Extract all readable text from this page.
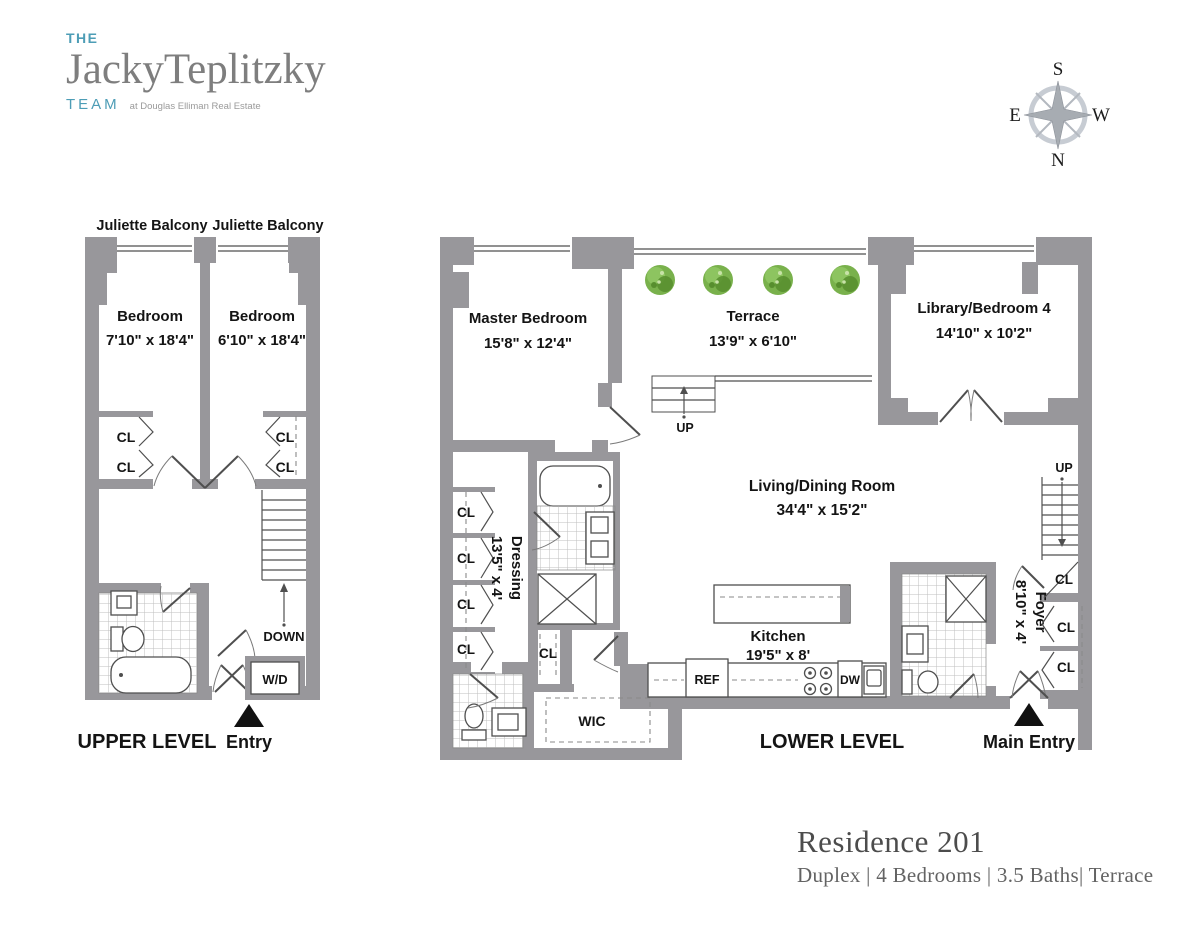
THE
Jacky Teplitzky
TEAM at Douglas Elliman Real Estate
S
E	W
N
DOWN
W/D
Juliette Balcony Juliette Balcony
Bedroom
7'10" x 18'4"
Bedroom
6'10" x 18'4"
CL
CL
CL
CL
UPPER LEVEL Entry
UP
CL
CL
CL
CL
Dressing
13'5" x 4'
CL
WIC
REF	DW
Kitchen
19'5" x 8'
Foyer
8'10" x 4'
UP
CL
CL
CL
Master Bedroom
15'8" x 12'4"
Terrace
13'9" x 6'10"
Library/Bedroom 4
14'10" x 10'2"
Living/Dining Room
34'4" x 15'2"
LOWER LEVEL	Main Entry
Residence 201
Duplex | 4 Bedrooms | 3.5 Baths| Terrace
